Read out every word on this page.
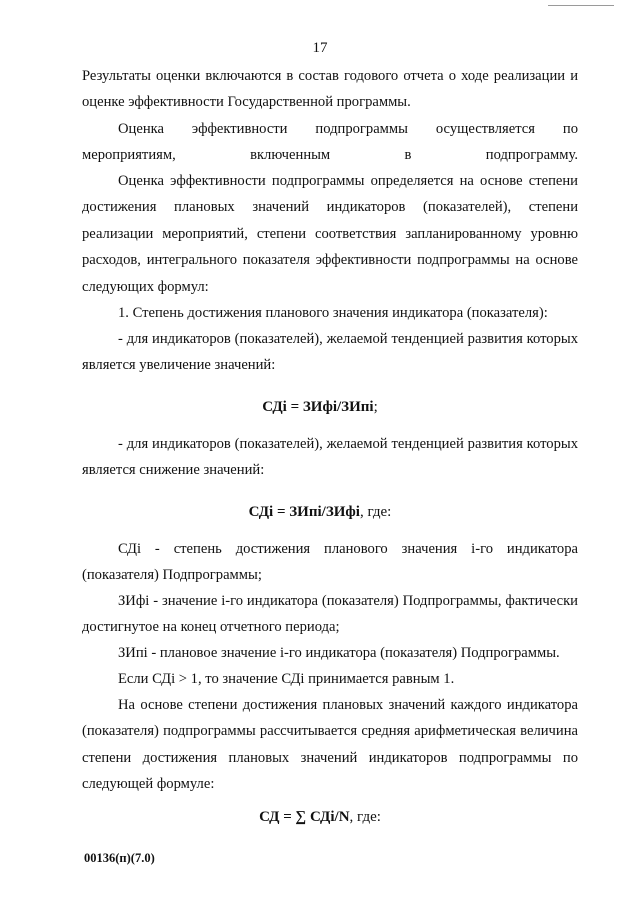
17

Результаты оценки включаются в состав годового отчета о ходе реализации и оценке эффективности Государственной программы.

Оценка эффективности подпрограммы осуществляется по мероприятиям, включенным в подпрограмму.

Оценка эффективности подпрограммы определяется на основе степени достижения плановых значений индикаторов (показателей), степени реализации мероприятий, степени соответствия запланированному уровню расходов, интегрального показателя эффективности подпрограммы на основе следующих формул:

1. Степень достижения планового значения индикатора (показателя):

- для индикаторов (показателей), желаемой тенденцией развития которых является увеличение значений:

СДi = ЗИфi/ЗИпi;

- для индикаторов (показателей), желаемой тенденцией развития которых является снижение значений:

СДi = ЗИпi/ЗИфi, где:

СДi - степень достижения планового значения i-го индикатора (показателя) Подпрограммы;

ЗИфi - значение i-го индикатора (показателя) Подпрограммы, фактически достигнутое на конец отчетного периода;

ЗИпi - плановое значение i-го индикатора (показателя) Подпрограммы.

Если СДi > 1, то значение СДi принимается равным 1.

На основе степени достижения плановых значений каждого индикатора (показателя) подпрограммы рассчитывается средняя арифметическая величина степени достижения плановых значений индикаторов подпрограммы по следующей формуле:

СД = ∑ СДi/N, где:

00136(п)(7.0)
